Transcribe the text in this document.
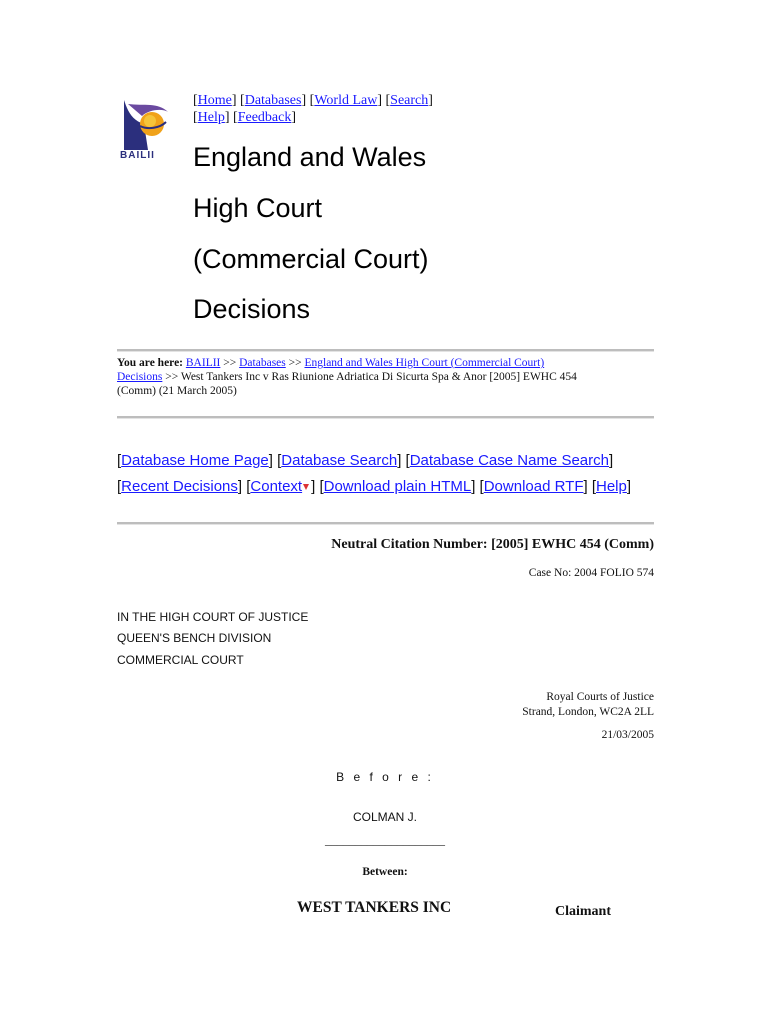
BAILII
[Home] [Databases] [World Law] [Search]
[Help] [Feedback]
England and Wales
High Court
(Commercial Court)
Decisions
You are here: BAILII >> Databases >> England and Wales High Court (Commercial Court)
Decisions >> West Tankers Inc v Ras Riunione Adriatica Di Sicurta Spa & Anor [2005] EWHC 454
(Comm) (21 March 2005)
[Database Home Page] [Database Search] [Database Case Name Search]
[Recent Decisions] [Context ] [Download plain HTML] [Download RTF] [Help]
Neutral Citation Number: [2005] EWHC 454 (Comm)
Case No: 2004 FOLIO 574
IN THE HIGH COURT OF JUSTICE
QUEEN'S BENCH DIVISION
COMMERCIAL COURT
Royal Courts of Justice
Strand, London, WC2A 2LL
21/03/2005
B e f o r e :
COLMAN J.
____________________
Between:
WEST TANKERS INC	Claimant
